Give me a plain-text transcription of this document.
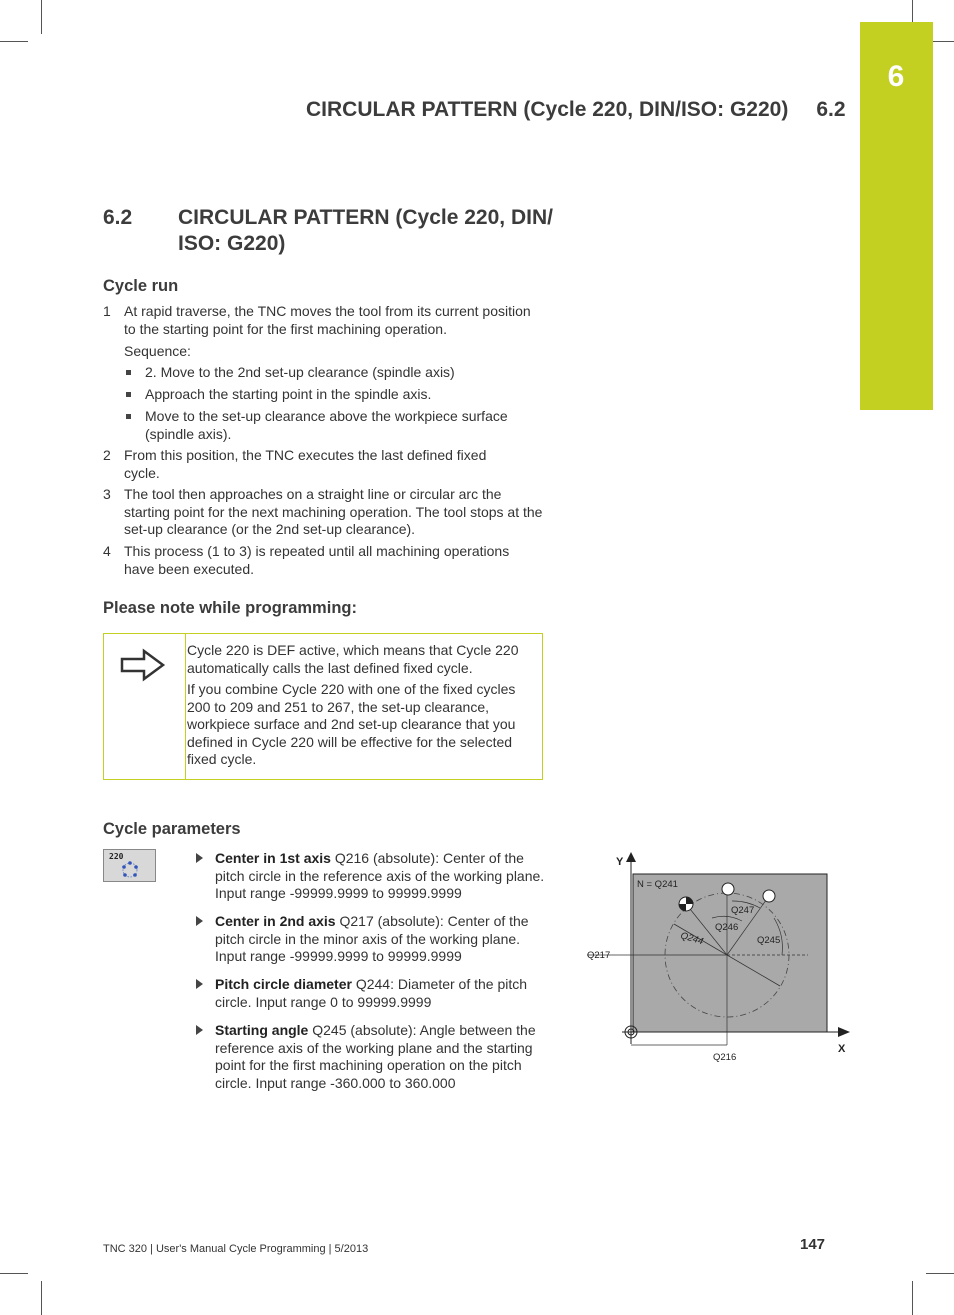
6
CIRCULAR PATTERN (Cycle 220, DIN/ISO: G220) 6.2
6.2 CIRCULAR PATTERN (Cycle 220, DIN/ ISO: G220)
Cycle run
1 At rapid traverse, the TNC moves the tool from its current position to the starting point for the first machining operation.
Sequence:
2. Move to the 2nd set-up clearance (spindle axis)
Approach the starting point in the spindle axis.
Move to the set-up clearance above the workpiece surface (spindle axis).
2 From this position, the TNC executes the last defined fixed cycle.
3 The tool then approaches on a straight line or circular arc the starting point for the next machining operation. The tool stops at the set-up clearance (or the 2nd set-up clearance).
4 This process (1 to 3) is repeated until all machining operations have been executed.
Please note while programming:
Cycle 220 is DEF active, which means that Cycle 220 automatically calls the last defined fixed cycle.
If you combine Cycle 220 with one of the fixed cycles 200 to 209 and 251 to 267, the set-up clearance, workpiece surface and 2nd set-up clearance that you defined in Cycle 220 will be effective for the selected fixed cycle.
Cycle parameters
220	Center in 1st axis Q216 (absolute): Center of the pitch circle in the reference axis of the working plane. Input range -99999.9999 to 99999.9999
Center in 2nd axis Q217 (absolute): Center of the pitch circle in the minor axis of the working plane. Input range -99999.9999 to 99999.9999
Pitch circle diameter Q244: Diameter of the pitch circle. Input range 0 to 99999.9999
Starting angle Q245 (absolute): Angle between the reference axis of the working plane and the starting point for the first machining operation on the pitch circle. Input range -360.000 to 360.000
Y
X
N = Q241
Q247
Q246
Q245
Q244
Q217
Q216
TNC 320 | User's Manual Cycle Programming | 5/2013	147
